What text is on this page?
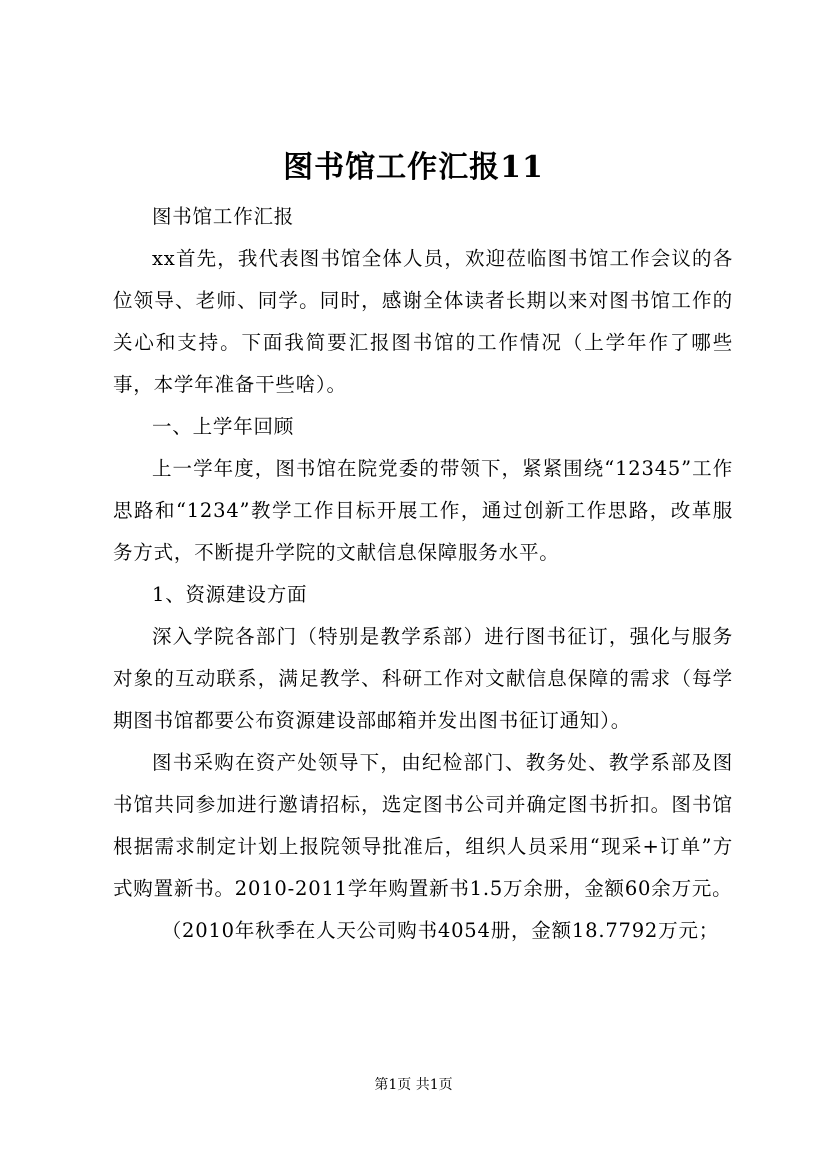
图书馆工作汇报11

图书馆工作汇报

xx首先，我代表图书馆全体人员，欢迎莅临图书馆工作会议的各位领导、老师、同学。同时，感谢全体读者长期以来对图书馆工作的关心和支持。下面我简要汇报图书馆的工作情况（上学年作了哪些事，本学年准备干些啥）。

一、上学年回顾

上一学年度，图书馆在院党委的带领下，紧紧围绕“12345”工作思路和“1234”教学工作目标开展工作，通过创新工作思路，改革服务方式，不断提升学院的文献信息保障服务水平。

1、资源建设方面

深入学院各部门（特别是教学系部）进行图书征订，强化与服务对象的互动联系，满足教学、科研工作对文献信息保障的需求（每学期图书馆都要公布资源建设部邮箱并发出图书征订通知）。

图书采购在资产处领导下，由纪检部门、教务处、教学系部及图书馆共同参加进行邀请招标，选定图书公司并确定图书折扣。图书馆根据需求制定计划上报院领导批准后，组织人员采用“现采+订单”方式购置新书。2010-2011学年购置新书1.5万余册，金额60余万元。

（2010年秋季在人天公司购书4054册，金额18.7792万元；

第1页 共1页
